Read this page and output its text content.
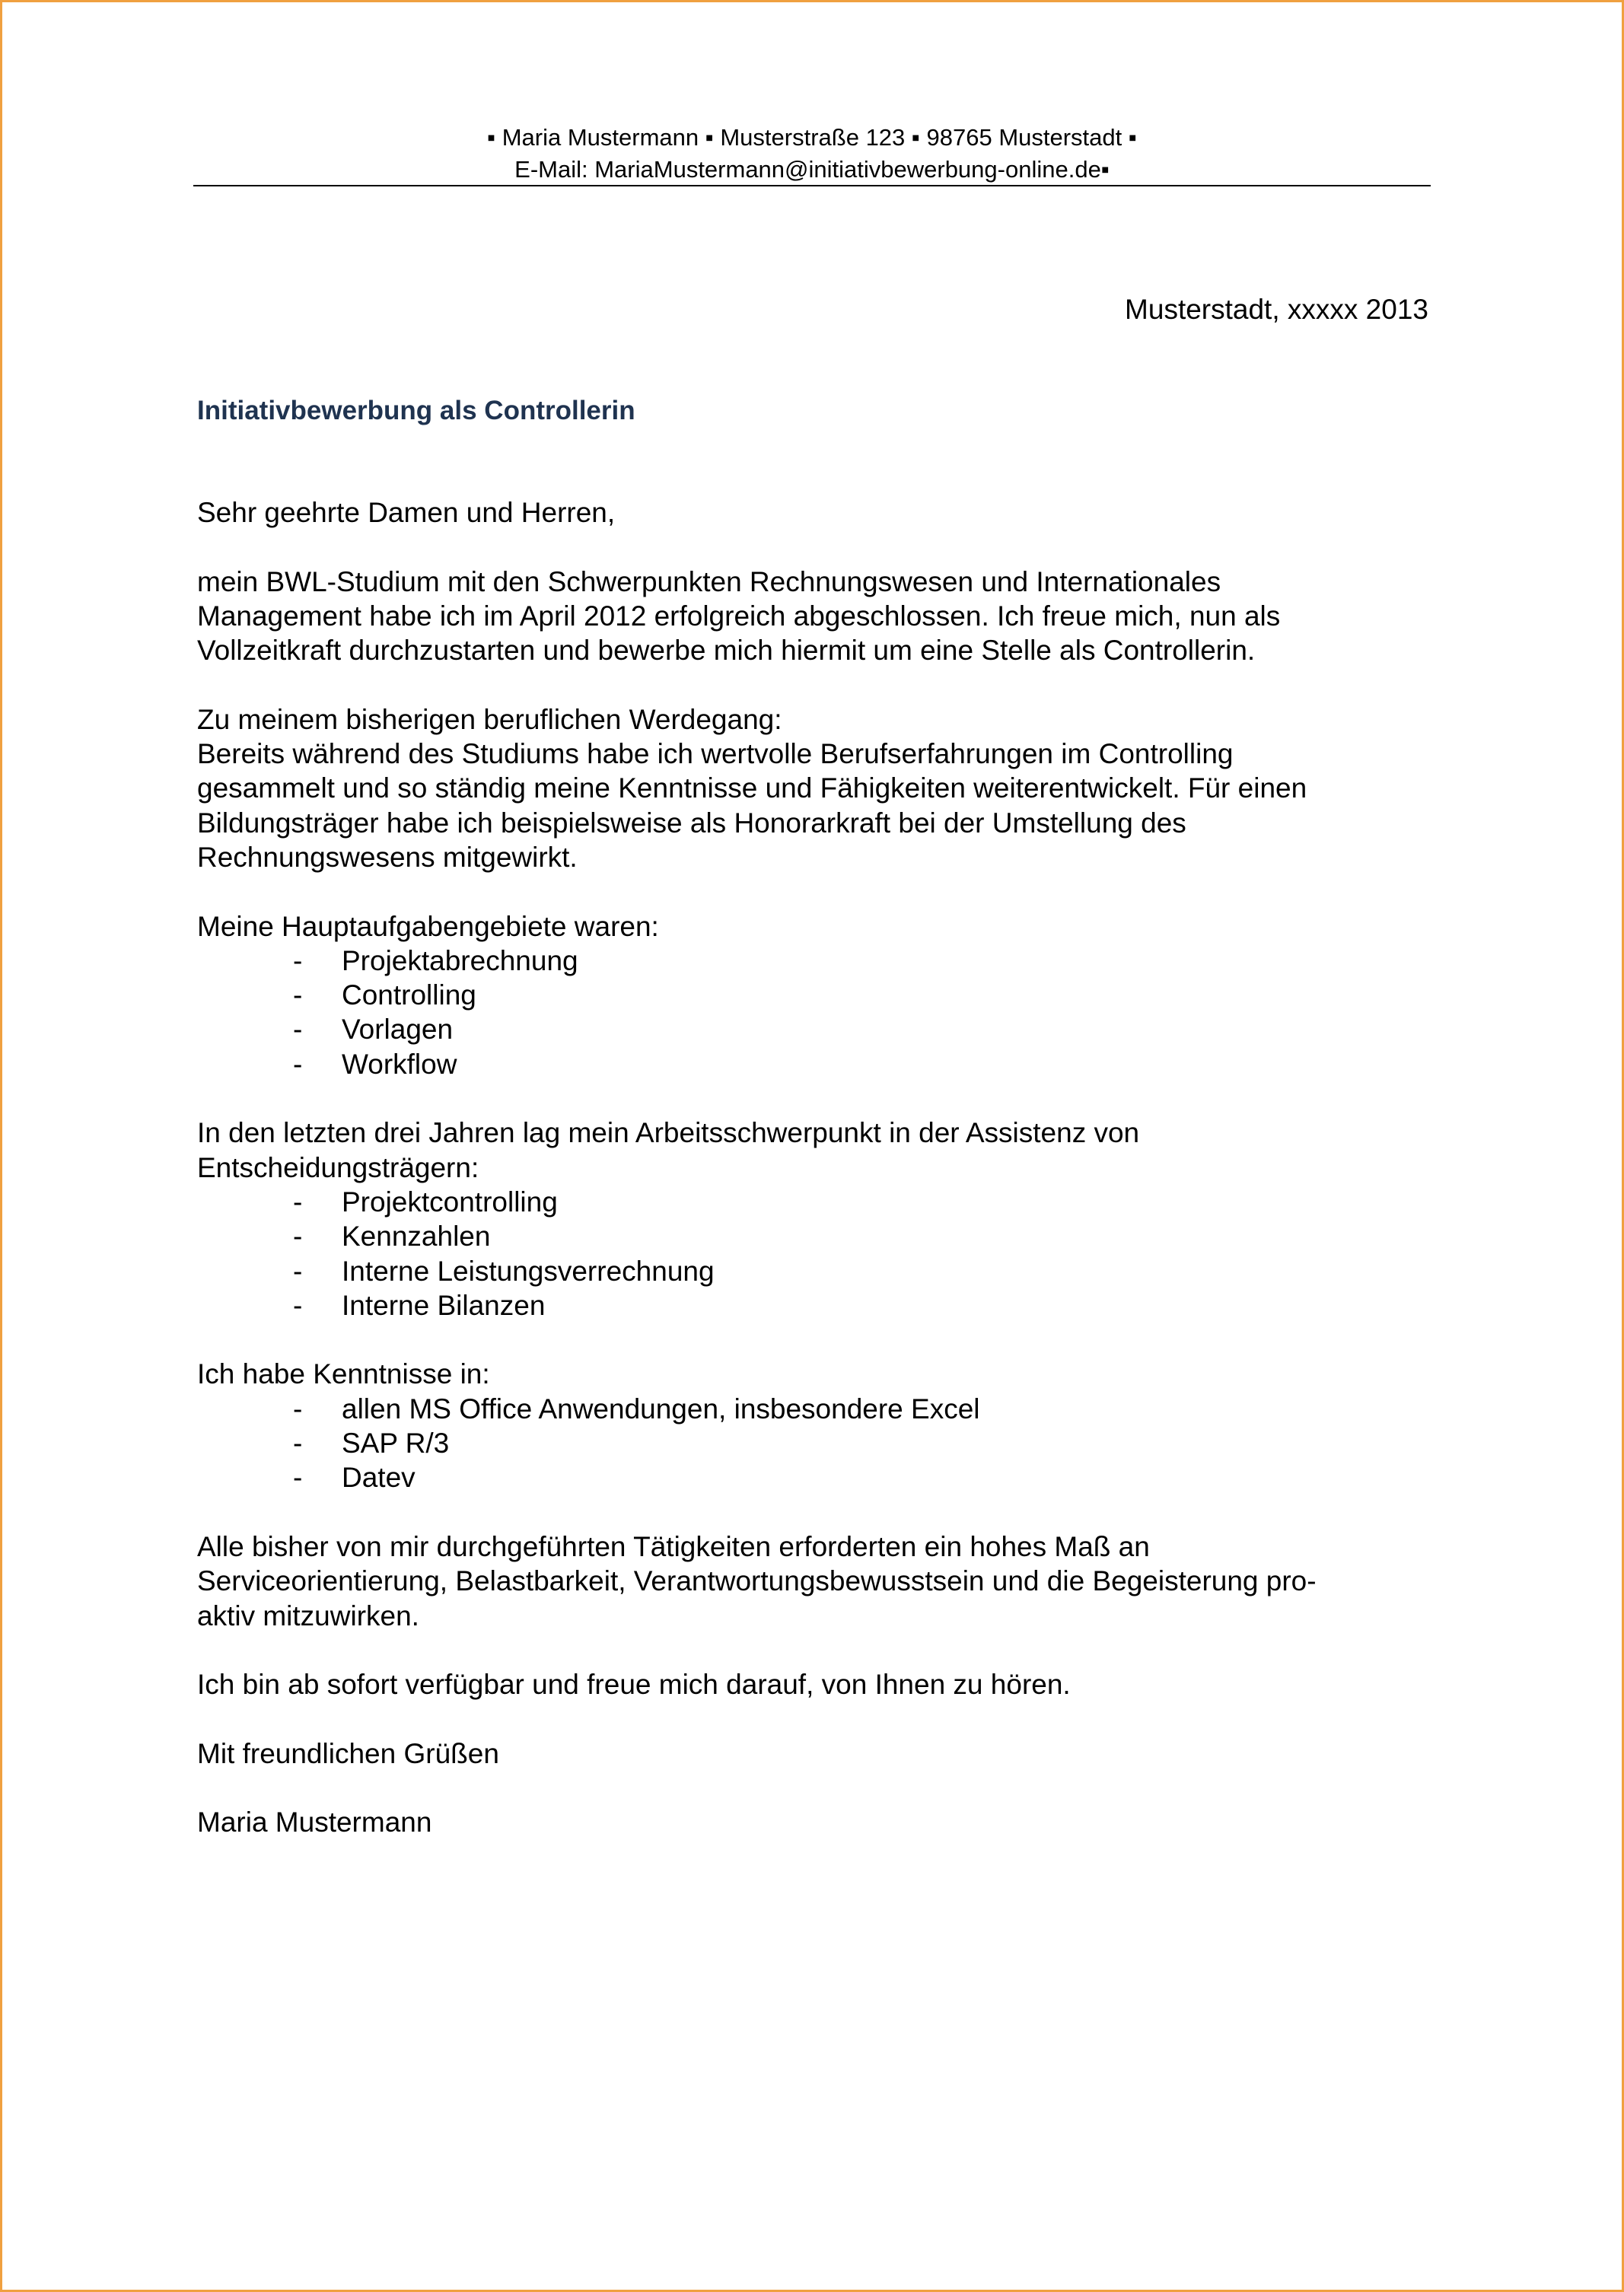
▪ Maria Mustermann ▪ Musterstraße 123 ▪ 98765 Musterstadt ▪
E-Mail: MariaMustermann@initiativbewerbung-online.de▪
Musterstadt, xxxxx 2013
Initiativbewerbung als Controllerin

Sehr geehrte Damen und Herren,

mein BWL-Studium mit den Schwerpunkten Rechnungswesen und Internationales
Management habe ich im April 2012 erfolgreich abgeschlossen. Ich freue mich, nun als
Vollzeitkraft durchzustarten und bewerbe mich hiermit um eine Stelle als Controllerin.

Zu meinem bisherigen beruflichen Werdegang:
Bereits während des Studiums habe ich wertvolle Berufserfahrungen im Controlling
gesammelt und so ständig meine Kenntnisse und Fähigkeiten weiterentwickelt. Für einen
Bildungsträger habe ich beispielsweise als Honorarkraft bei der Umstellung des
Rechnungswesens mitgewirkt.

Meine Hauptaufgabengebiete waren:
- Projektabrechnung
- Controlling
- Vorlagen
- Workflow
In den letzten drei Jahren lag mein Arbeitsschwerpunkt in der Assistenz von
Entscheidungsträgern:
- Projektcontrolling
- Kennzahlen
- Interne Leistungsverrechnung
- Interne Bilanzen
Ich habe Kenntnisse in:
- allen MS Office Anwendungen, insbesondere Excel
- SAP R/3
- Datev

Alle bisher von mir durchgeführten Tätigkeiten erforderten ein hohes Maß an
Serviceorientierung, Belastbarkeit, Verantwortungsbewusstsein und die Begeisterung pro-
aktiv mitzuwirken.

Ich bin ab sofort verfügbar und freue mich darauf, von Ihnen zu hören.

Mit freundlichen Grüßen

Maria Mustermann
